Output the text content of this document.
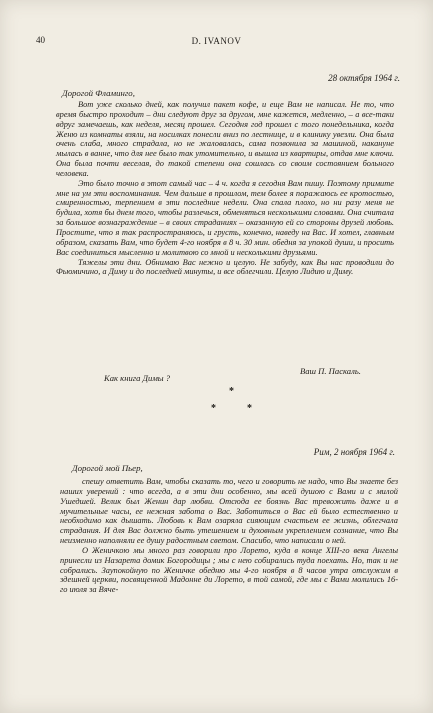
40	D. IVANOV
28 октября 1964 г.
Дорогой Фламинго,

Вот уже сколько дней, как получил пакет кофе, и еще Вам не написал. Не то, что время быстро проходит – дни следуют друг за другом, мне кажется, медленно, – а все-таки вдруг замечаешь, как неделя, месяц прошел. Сегодня год прошел с того понедельника, когда Женю из комнаты взяли, на носилках понесли вниз по лестнице, и в клинику увезли. Она была очень слаба, много страдала, но не жаловалась, сама позвонила за машиной, накануне мылась в ванне, что для нее было так утомительно, и вышла из квартиры, отдав мне ключи. Она была почти веселая, до такой степени она сошлась со своим состоянием больного человека.

Это было точно в этот самый час – 4 ч. когда я сегодня Вам пишу. Поэтому примите мне на ум эти воспоминания. Чем дальше в прошлом, тем более я поражаюсь ее кротостью, смиренностью, терпением в эти последние недели. Она спала плохо, но ни разу меня не будила, хотя бы днем того, чтобы разлечься, обменяться несколькими словами. Она считала за большое вознаграждение – в своих страданиях – оказанную ей со стороны друзей любовь. Простите, что я так распространяюсь, и грусть, конечно, наведу на Вас. И хотел, главным образом, сказать Вам, что будет 4-го ноября в 8 ч. 30 мин. обедня за упокой души, и просить Вас соединиться мысленно и молитвою со мной и несколькими друзьями.

Тяжелы эти дни. Обнимаю Вас нежно и целую. Не забуду, как Вы нас проводили до Фьюмичино, а Диму и до последней минуты, и все облегчили. Целую Лидию и Диму.

Ваш П. Паскаль.
Как книга Димы ?
*
*	*
Рим, 2 ноября 1964 г.
Дорогой мой Пьер,

спешу ответить Вам, чтобы сказать то, чего и говорить не надо, что Вы знаете без наших уверений : что всегда, а в эти дни особенно, мы всей душою с Вами и с милой Ушедшей. Велик был Женин дар любви. Отсюда ее боязнь Вас тревожить даже и в мучительные часы, ее нежная забота о Вас. Заботиться о Вас ей было естественно и необходимо как дышать. Любовь к Вам озаряла сияющим счастьем ее жизнь, облегчала страдания. И для Вас должно быть утешением и духовным укреплением сознание, что Вы неизменно наполняли ее душу радостным светом. Спасибо, что написали о ней.

О Женичкою мы много раз говорили про Лорето, куда в конце XIII-го века Ангелы принесли из Назарета домик Богородицы ; мы с нею собирались туда поехать. Но, так и не собрались. Заупокойную по Женичке обедню мы 4-го ноября в 8 часов утра отслужим в здешней церкви, посвященной Мадонне ди Лорето, в той самой, где мы с Вами молились 16-го июля за Вяче-
